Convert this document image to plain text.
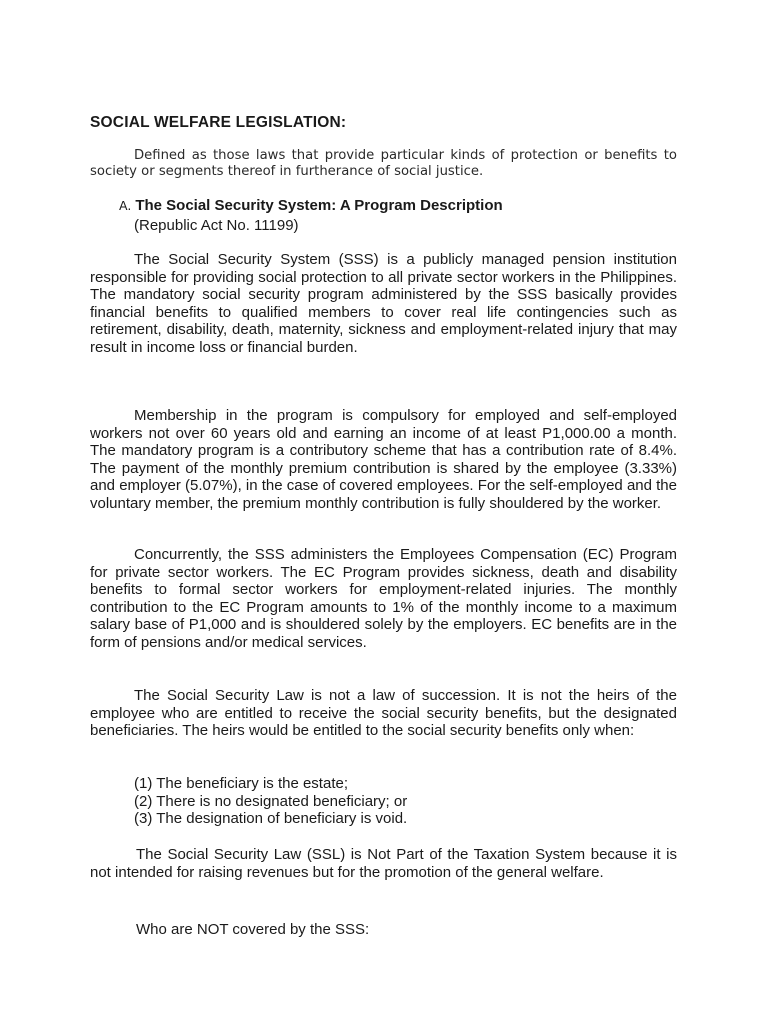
SOCIAL WELFARE LEGISLATION:

Defined as those laws that provide particular kinds of protection or benefits to society or segments thereof in furtherance of social justice.

A. The Social Security System: A Program Description

(Republic Act No. 11199)

The Social Security System (SSS) is a publicly managed pension institution responsible for providing social protection to all private sector workers in the Philippines. The mandatory social security program administered by the SSS basically provides financial benefits to qualified members to cover real life contingencies such as retirement, disability, death, maternity, sickness and employment-related injury that may result in income loss or financial burden.

Membership in the program is compulsory for employed and self-employed workers not over 60 years old and earning an income of at least P1,000.00 a month. The mandatory program is a contributory scheme that has a contribution rate of 8.4%. The payment of the monthly premium contribution is shared by the employee (3.33%) and employer (5.07%), in the case of covered employees. For the self-employed and the voluntary member, the premium monthly contribution is fully shouldered by the worker.

Concurrently, the SSS administers the Employees Compensation (EC) Program for private sector workers. The EC Program provides sickness, death and disability benefits to formal sector workers for employment-related injuries. The monthly contribution to the EC Program amounts to 1% of the monthly income to a maximum salary base of P1,000 and is shouldered solely by the employers. EC benefits are in the form of pensions and/or medical services.

The Social Security Law is not a law of succession. It is not the heirs of the employee who are entitled to receive the social security benefits, but the designated beneficiaries. The heirs would be entitled to the social security benefits only when:

(1) The beneficiary is the estate;
(2) There is no designated beneficiary; or
(3) The designation of beneficiary is void.

The Social Security Law (SSL) is Not Part of the Taxation System because it is not intended for raising revenues but for the promotion of the general welfare.

Who are NOT covered by the SSS:
